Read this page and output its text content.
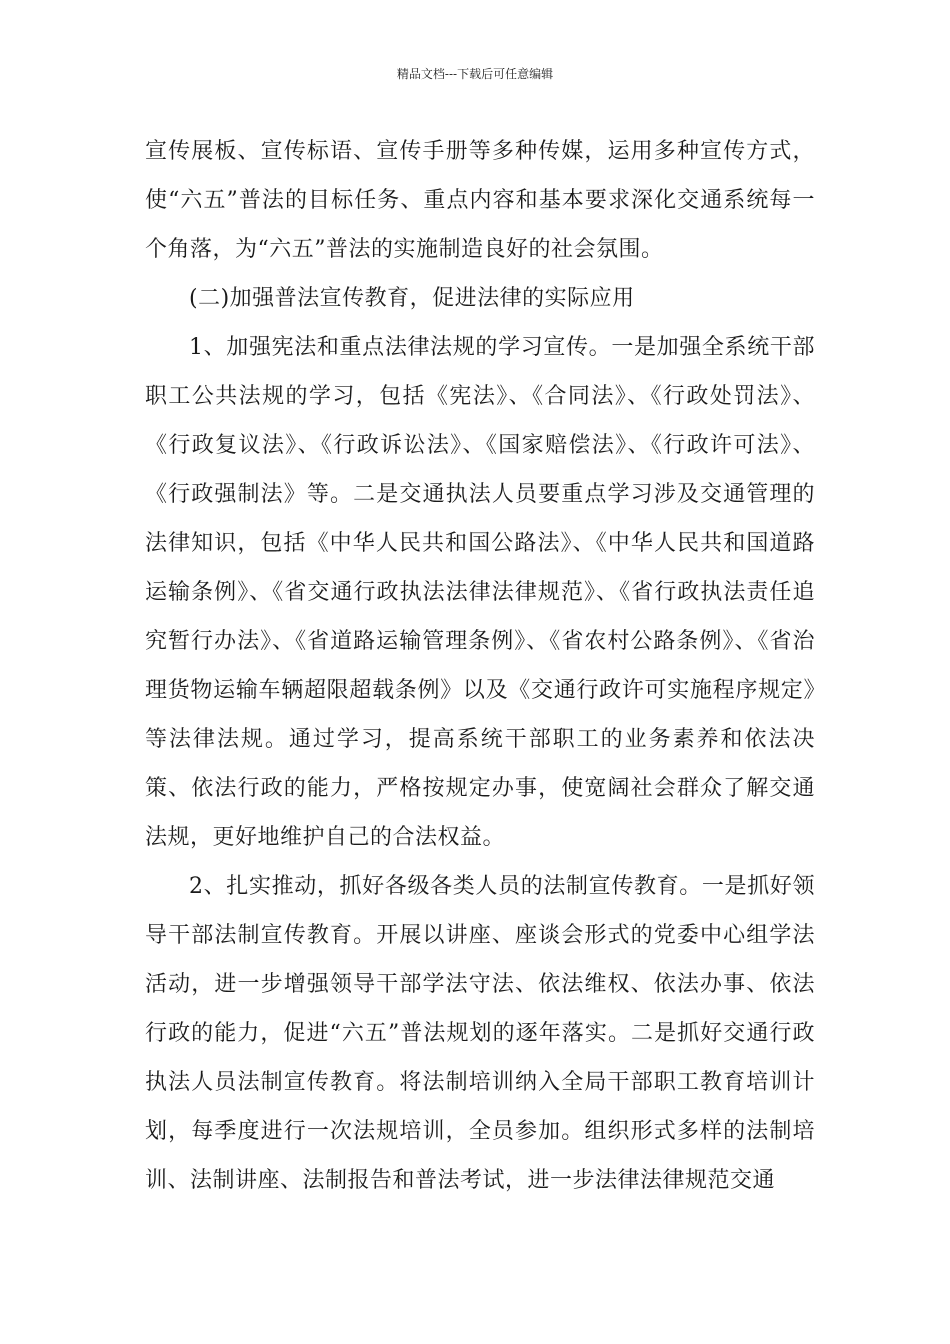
精品文档---下载后可任意编辑

宣传展板、宣传标语、宣传手册等多种传媒，运用多种宣传方式，使“六五”普法的目标任务、重点内容和基本要求深化交通系统每一个角落，为“六五”普法的实施制造良好的社会氛围。

(二)加强普法宣传教育，促进法律的实际应用

1、加强宪法和重点法律法规的学习宣传。一是加强全系统干部职工公共法规的学习，包括《宪法》、《合同法》、《行政处罚法》、《行政复议法》、《行政诉讼法》、《国家赔偿法》、《行政许可法》、《行政强制法》等。二是交通执法人员要重点学习涉及交通管理的法律知识，包括《中华人民共和国公路法》、《中华人民共和国道路运输条例》、《省交通行政执法法律法律规范》、《省行政执法责任追究暂行办法》、《省道路运输管理条例》、《省农村公路条例》、《省治理货物运输车辆超限超载条例》以及《交通行政许可实施程序规定》等法律法规。通过学习，提高系统干部职工的业务素养和依法决策、依法行政的能力，严格按规定办事，使宽阔社会群众了解交通法规，更好地维护自己的合法权益。

2、扎实推动，抓好各级各类人员的法制宣传教育。一是抓好领导干部法制宣传教育。开展以讲座、座谈会形式的党委中心组学法活动，进一步增强领导干部学法守法、依法维权、依法办事、依法行政的能力，促进“六五”普法规划的逐年落实。二是抓好交通行政执法人员法制宣传教育。将法制培训纳入全局干部职工教育培训计划，每季度进行一次法规培训，全员参加。组织形式多样的法制培训、法制讲座、法制报告和普法考试，进一步法律法律规范交通
